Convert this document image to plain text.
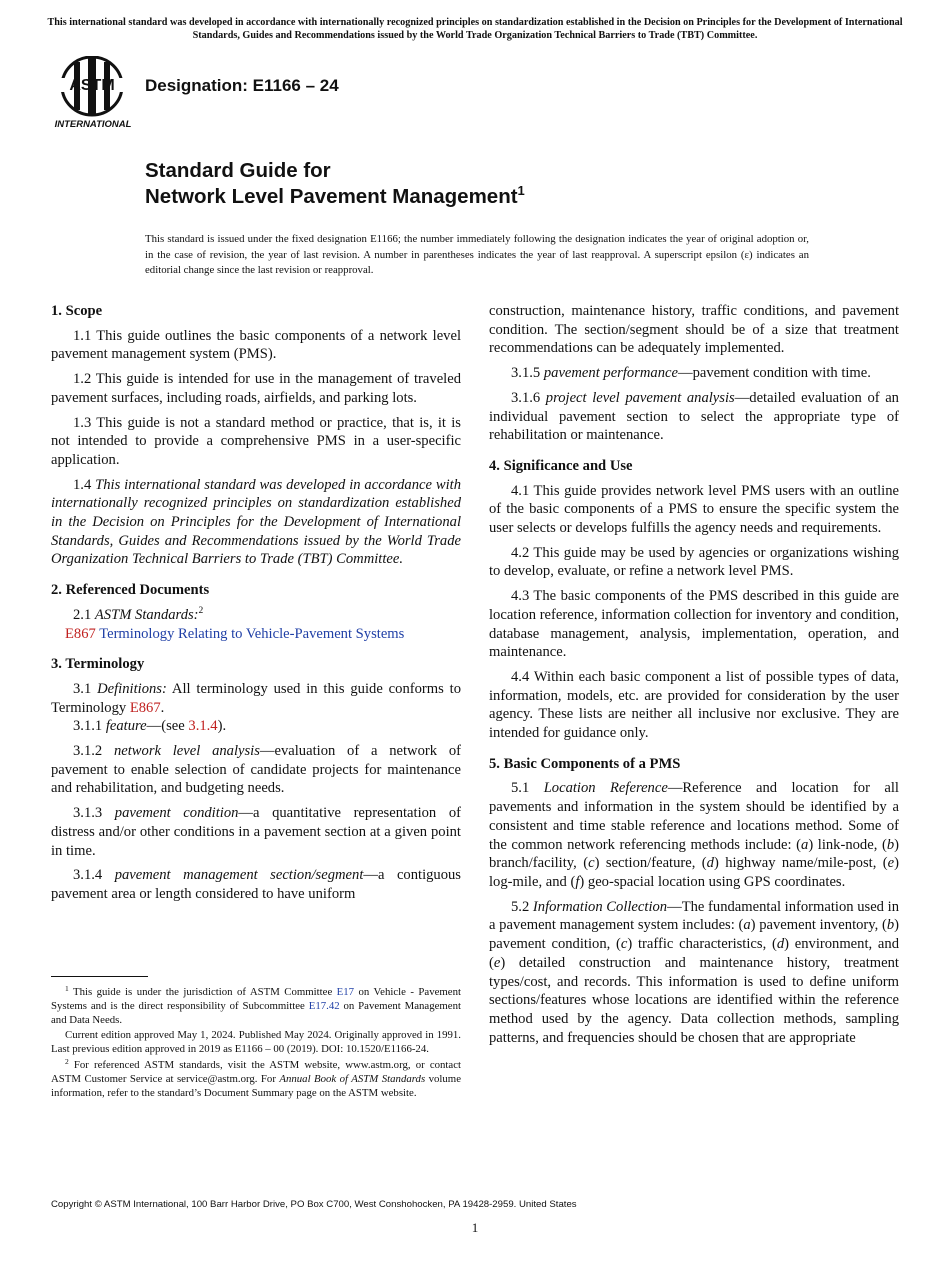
This international standard was developed in accordance with internationally recognized principles on standardization established in the Decision on Principles for the Development of International Standards, Guides and Recommendations issued by the World Trade Organization Technical Barriers to Trade (TBT) Committee.
ASTM
INTERNATIONAL
Designation: E1166 – 24
Standard Guide for
Network Level Pavement Management$^1$
This standard is issued under the fixed designation E1166; the number immediately following the designation indicates the year of original adoption or, in the case of revision, the year of last revision. A number in parentheses indicates the year of last reapproval. A superscript epsilon (ε) indicates an editorial change since the last revision or reapproval.
1. Scope

1.1 This guide outlines the basic components of a network level pavement management system (PMS).

1.2 This guide is intended for use in the management of traveled pavement surfaces, including roads, airfields, and parking lots.

1.3 This guide is not a standard method or practice, that is, it is not intended to provide a comprehensive PMS in a user-specific application.

1.4 This international standard was developed in accordance with internationally recognized principles on standardization established in the Decision on Principles for the Development of International Standards, Guides and Recommendations issued by the World Trade Organization Technical Barriers to Trade (TBT) Committee.

2. Referenced Documents

2.1 ASTM Standards:$^2$

E867 Terminology Relating to Vehicle-Pavement Systems

3. Terminology

3.1 Definitions: All terminology used in this guide conforms to Terminology E867.

3.1.1 feature—(see 3.1.4).

3.1.2 network level analysis—evaluation of a network of pavement to enable selection of candidate projects for maintenance and rehabilitation, and budgeting needs.

3.1.3 pavement condition—a quantitative representation of distress and/or other conditions in a pavement section at a given point in time.

3.1.4 pavement management section/segment—a contiguous pavement area or length considered to have uniform

$^1$ This guide is under the jurisdiction of ASTM Committee E17 on Vehicle - Pavement Systems and is the direct responsibility of Subcommittee E17.42 on Pavement Management and Data Needs.

Current edition approved May 1, 2024. Published May 2024. Originally approved in 1991. Last previous edition approved in 2019 as E1166 – 00 (2019). DOI: 10.1520/E1166-24.

$^2$ For referenced ASTM standards, visit the ASTM website, www.astm.org, or contact ASTM Customer Service at service@astm.org. For Annual Book of ASTM Standards volume information, refer to the standard’s Document Summary page on the ASTM website.

construction, maintenance history, traffic conditions, and pavement condition. The section/segment should be of a size that treatment recommendations can be adequately implemented.

3.1.5 pavement performance—pavement condition with time.

3.1.6 project level pavement analysis—detailed evaluation of an individual pavement section to select the appropriate type of rehabilitation or maintenance.

4. Significance and Use

4.1 This guide provides network level PMS users with an outline of the basic components of a PMS to ensure the specific system the user selects or develops fulfills the agency needs and requirements.

4.2 This guide may be used by agencies or organizations wishing to develop, evaluate, or refine a network level PMS.

4.3 The basic components of the PMS described in this guide are location reference, information collection for inventory and condition, database management, analysis, implementation, operation, and maintenance.

4.4 Within each basic component a list of possible types of data, information, models, etc. are provided for consideration by the user agency. These lists are neither all inclusive nor exclusive. They are intended for guidance only.

5. Basic Components of a PMS

5.1 Location Reference—Reference and location for all pavements and information in the system should be identified by a consistent and time stable reference and locations method. Some of the common network referencing methods include: (a) link-node, (b) branch/facility, (c) section/feature, (d) highway name/mile-post, (e) log-mile, and (f) geo-spacial location using GPS coordinates.

5.2 Information Collection—The fundamental information used in a pavement management system includes: (a) pavement inventory, (b) pavement condition, (c) traffic characteristics, (d) environment, and (e) detailed construction and maintenance history, treatment types/cost, and records. This information is used to define uniform sections/features whose locations are identified within the reference method used by the agency. Data collection methods, sampling patterns, and frequencies should be chosen that are appropriate

Copyright © ASTM International, 100 Barr Harbor Drive, PO Box C700, West Conshohocken, PA 19428-2959. United States
1
